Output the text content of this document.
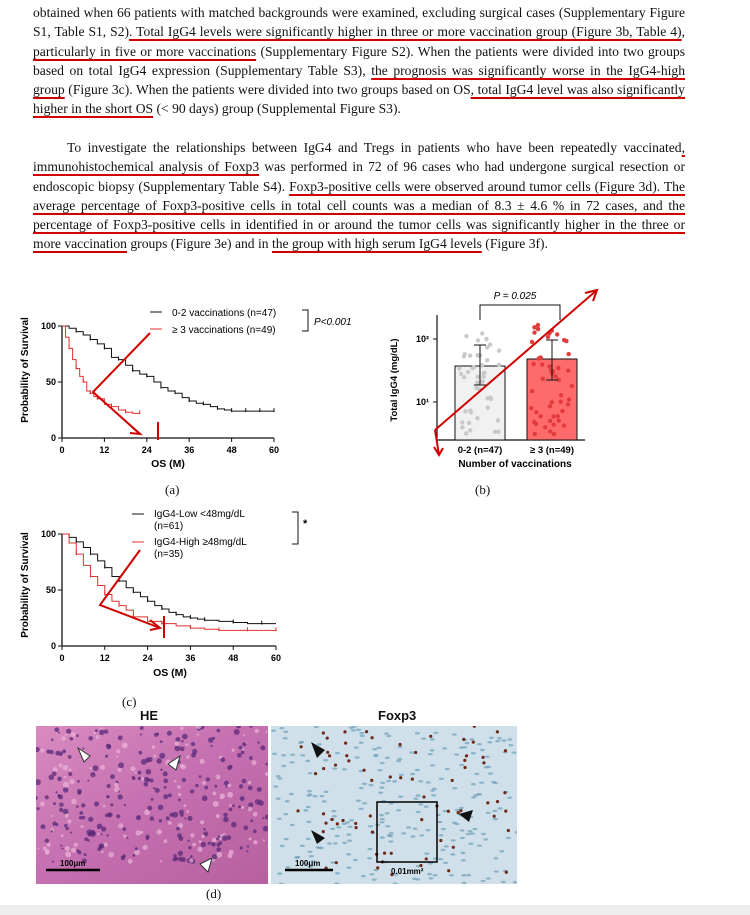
obtained when 66 patients with matched backgrounds were examined, excluding surgical cases (Supplementary Figure S1, Table S1, S2). Total IgG4 levels were significantly higher in three or more vaccination group (Figure 3b, Table 4), particularly in five or more vaccinations (Supplementary Figure S2). When the patients were divided into two groups based on total IgG4 expression (Supplementary Table S3), the prognosis was significantly worse in the IgG4-high group (Figure 3c). When the patients were divided into two groups based on OS, total IgG4 level was also significantly higher in the short OS (< 90 days) group (Supplemental Figure S3).

To investigate the relationships between IgG4 and Tregs in patients who have been repeatedly vaccinated, immunohistochemical analysis of Foxp3 was performed in 72 of 96 cases who had undergone surgical resection or endoscopic biopsy (Supplementary Table S4). Foxp3-positive cells were observed around tumor cells (Figure 3d). The average percentage of Foxp3-positive cells in total cell counts was a median of 8.3 ± 4.6 % in 72 cases, and the percentage of Foxp3-positive cells in identified in or around the tumor cells was significantly higher in the three or more vaccination groups (Figure 3e) and in the group with high serum IgG4 levels (Figure 3f).

100
50
0
0	12	24	36	48	60
Probability of Survival
OS (M)
0-2 vaccinations (n=47)
≥ 3 vaccinations (n=49)
P<0.001
(a)
P = 0.025
Total IgG4 (mg/dL) 10²
10¹
0-2 (n=47)	≥ 3 (n=49)
Number of vaccinations
(b)
100
50
0
0	12	24	36	48	60
Probability of Survival
OS (M)
IgG4-Low <48mg/dL
(n=61)
IgG4-High ≥48mg/dL
(n=35)
*
(c)
HE	Foxp3
100μm
0.01mm²
100μm
(d)
